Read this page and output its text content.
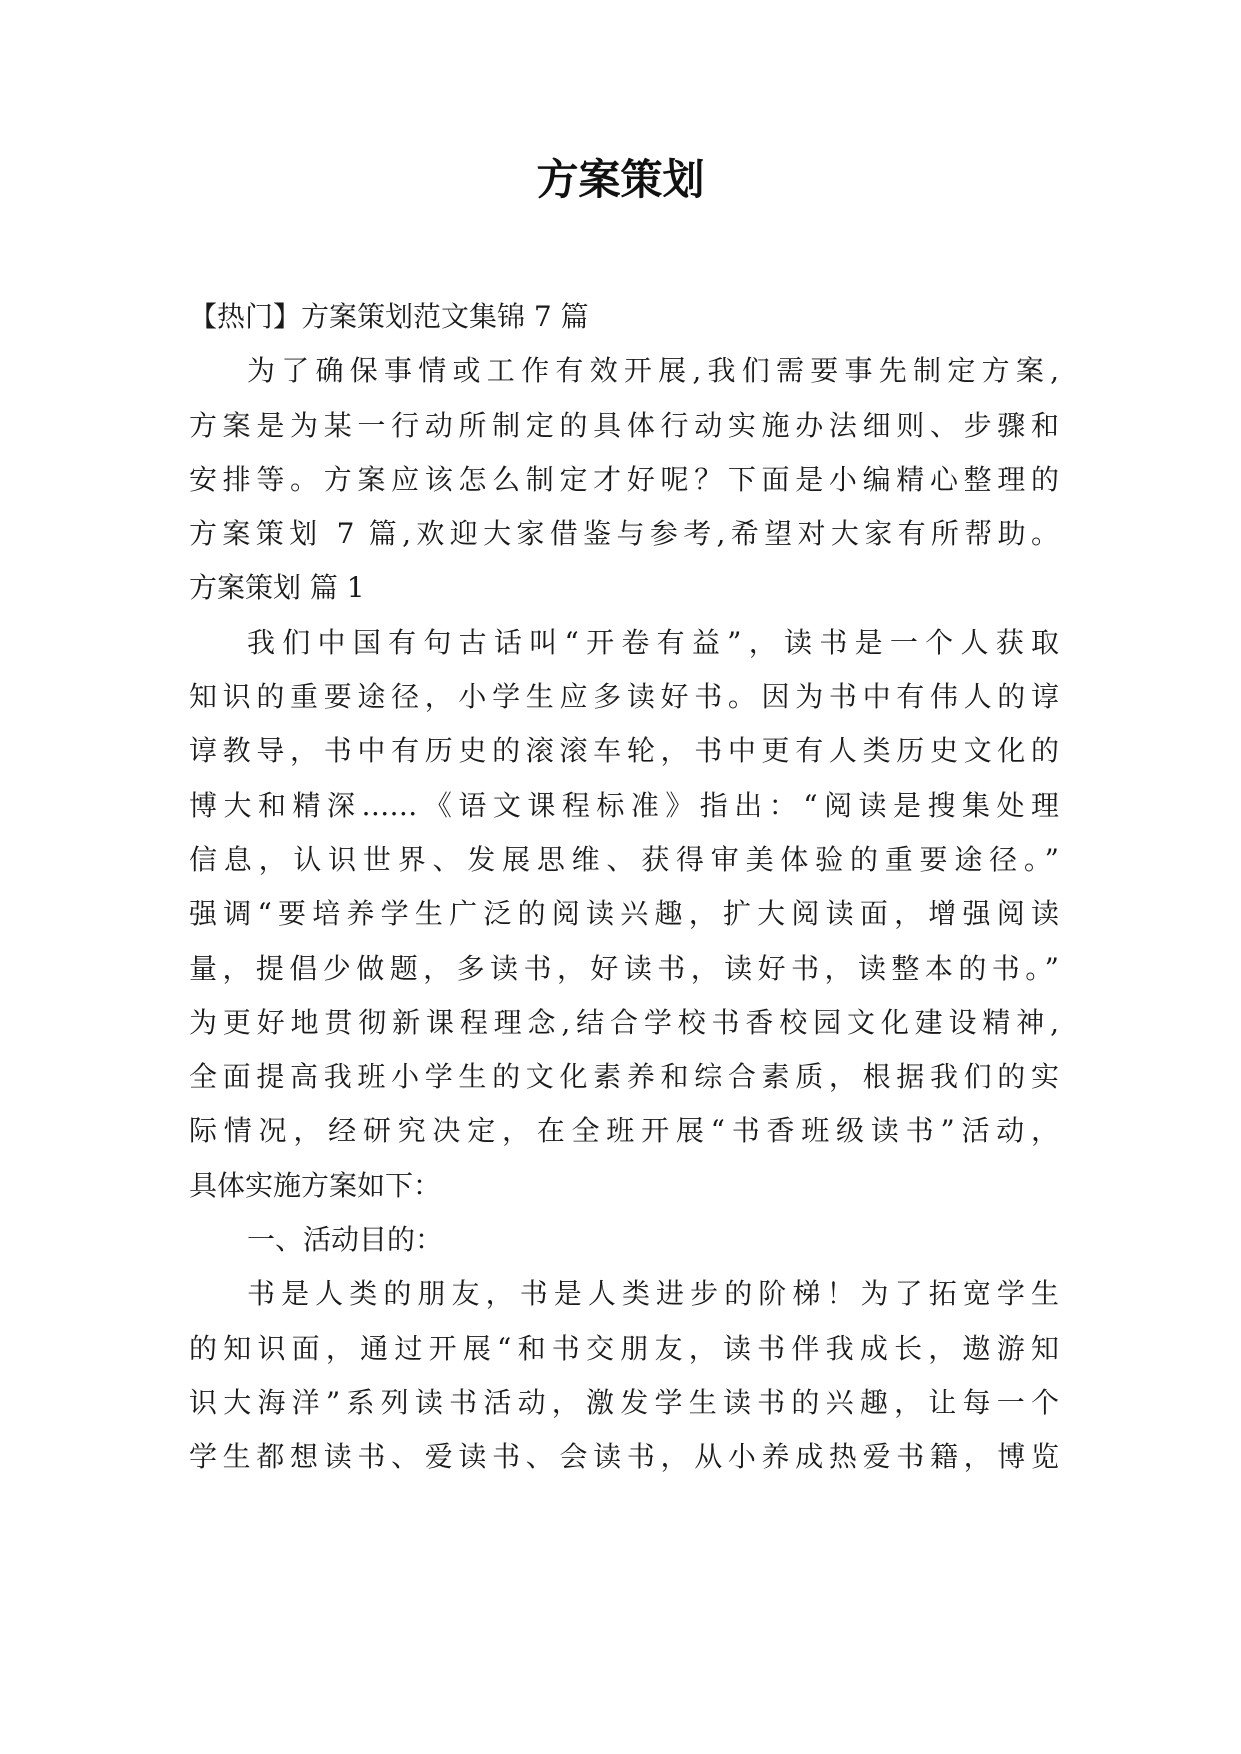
方案策划
【热门】方案策划范文集锦 7 篇
为了确保事情或工作有效开展,我们需要事先制定方案,
方案是为某一行动所制定的具体行动实施办法细则、步骤和
安排等。方案应该怎么制定才好呢？下面是小编精心整理的
方案策划 7 篇,欢迎大家借鉴与参考,希望对大家有所帮助。
方案策划 篇 1
我们中国有句古话叫“开卷有益”，读书是一个人获取
知识的重要途径，小学生应多读好书。因为书中有伟人的谆
谆教导，书中有历史的滚滚车轮，书中更有人类历史文化的
博大和精深……《语文课程标准》指出：“阅读是搜集处理
信息，认识世界、发展思维、获得审美体验的重要途径。”
强调“要培养学生广泛的阅读兴趣，扩大阅读面，增强阅读
量，提倡少做题，多读书，好读书，读好书，读整本的书。”
为更好地贯彻新课程理念,结合学校书香校园文化建设精神,
全面提高我班小学生的文化素养和综合素质，根据我们的实
际情况，经研究决定，在全班开展“书香班级读书”活动，
具体实施方案如下：
一、活动目的：
书是人类的朋友，书是人类进步的阶梯！为了拓宽学生
的知识面，通过开展“和书交朋友，读书伴我成长，遨游知
识大海洋”系列读书活动，激发学生读书的兴趣，让每一个
学生都想读书、爱读书、会读书，从小养成热爱书籍，博览
